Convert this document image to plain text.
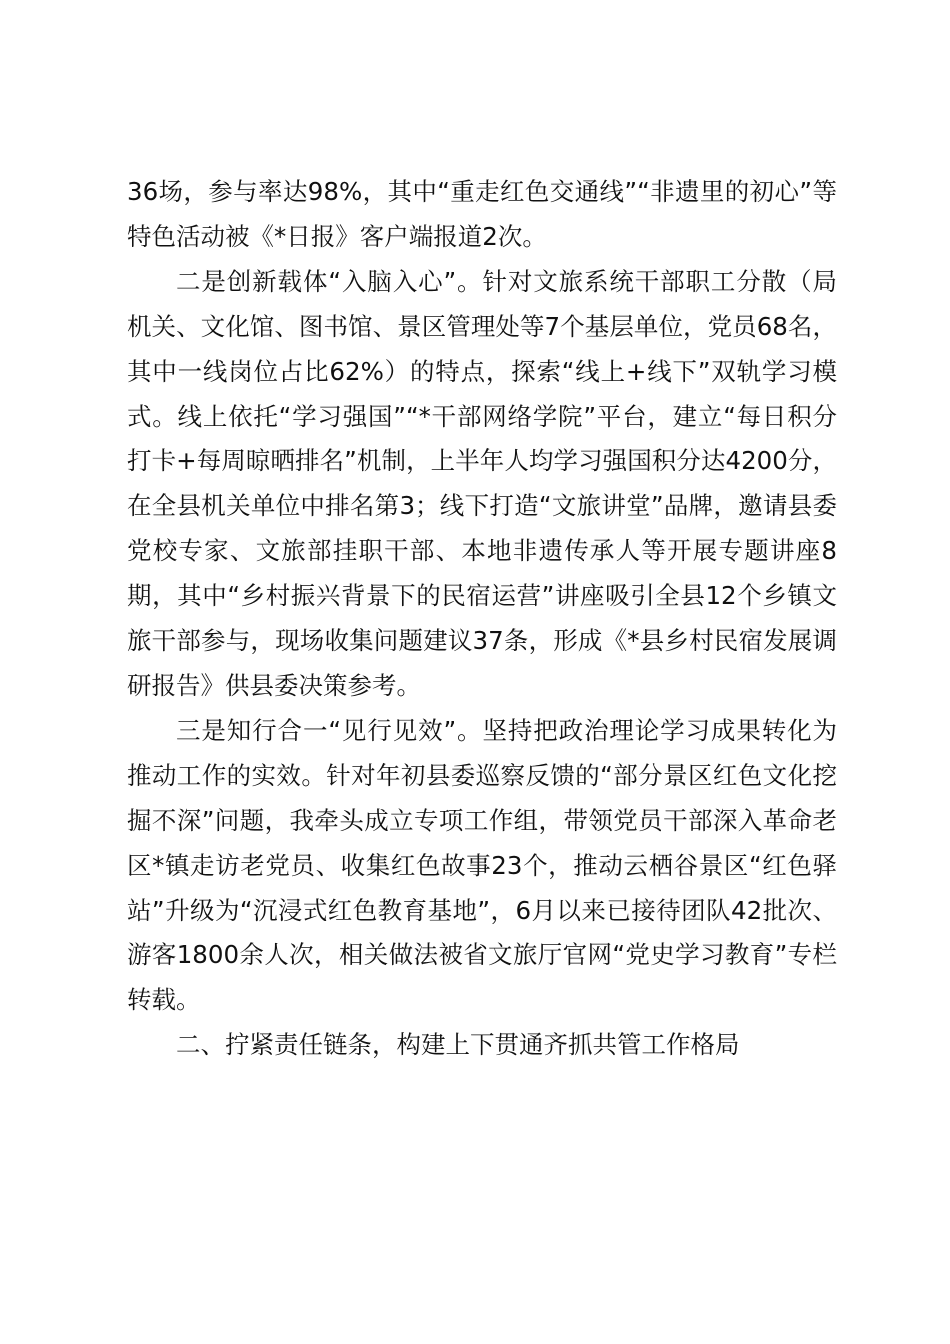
36场，参与率达98%，其中“重走红色交通线”“非遗里的初心”等特色活动被《*日报》客户端报道2次。

二是创新载体“入脑入心”。针对文旅系统干部职工分散（局机关、文化馆、图书馆、景区管理处等7个基层单位，党员68名，其中一线岗位占比62%）的特点，探索“线上+线下”双轨学习模式。线上依托“学习强国”“*干部网络学院”平台，建立“每日积分打卡+每周晾晒排名”机制，上半年人均学习强国积分达4200分，在全县机关单位中排名第3；线下打造“文旅讲堂”品牌，邀请县委党校专家、文旅部挂职干部、本地非遗传承人等开展专题讲座8期，其中“乡村振兴背景下的民宿运营”讲座吸引全县12个乡镇文旅干部参与，现场收集问题建议37条，形成《*县乡村民宿发展调研报告》供县委决策参考。

三是知行合一“见行见效”。坚持把政治理论学习成果转化为推动工作的实效。针对年初县委巡察反馈的“部分景区红色文化挖掘不深”问题，我牵头成立专项工作组，带领党员干部深入革命老区*镇走访老党员、收集红色故事23个，推动云栖谷景区“红色驿站”升级为“沉浸式红色教育基地”，6月以来已接待团队42批次、游客1800余人次，相关做法被省文旅厅官网“党史学习教育”专栏转载。

二、拧紧责任链条，构建上下贯通齐抓共管工作格局
